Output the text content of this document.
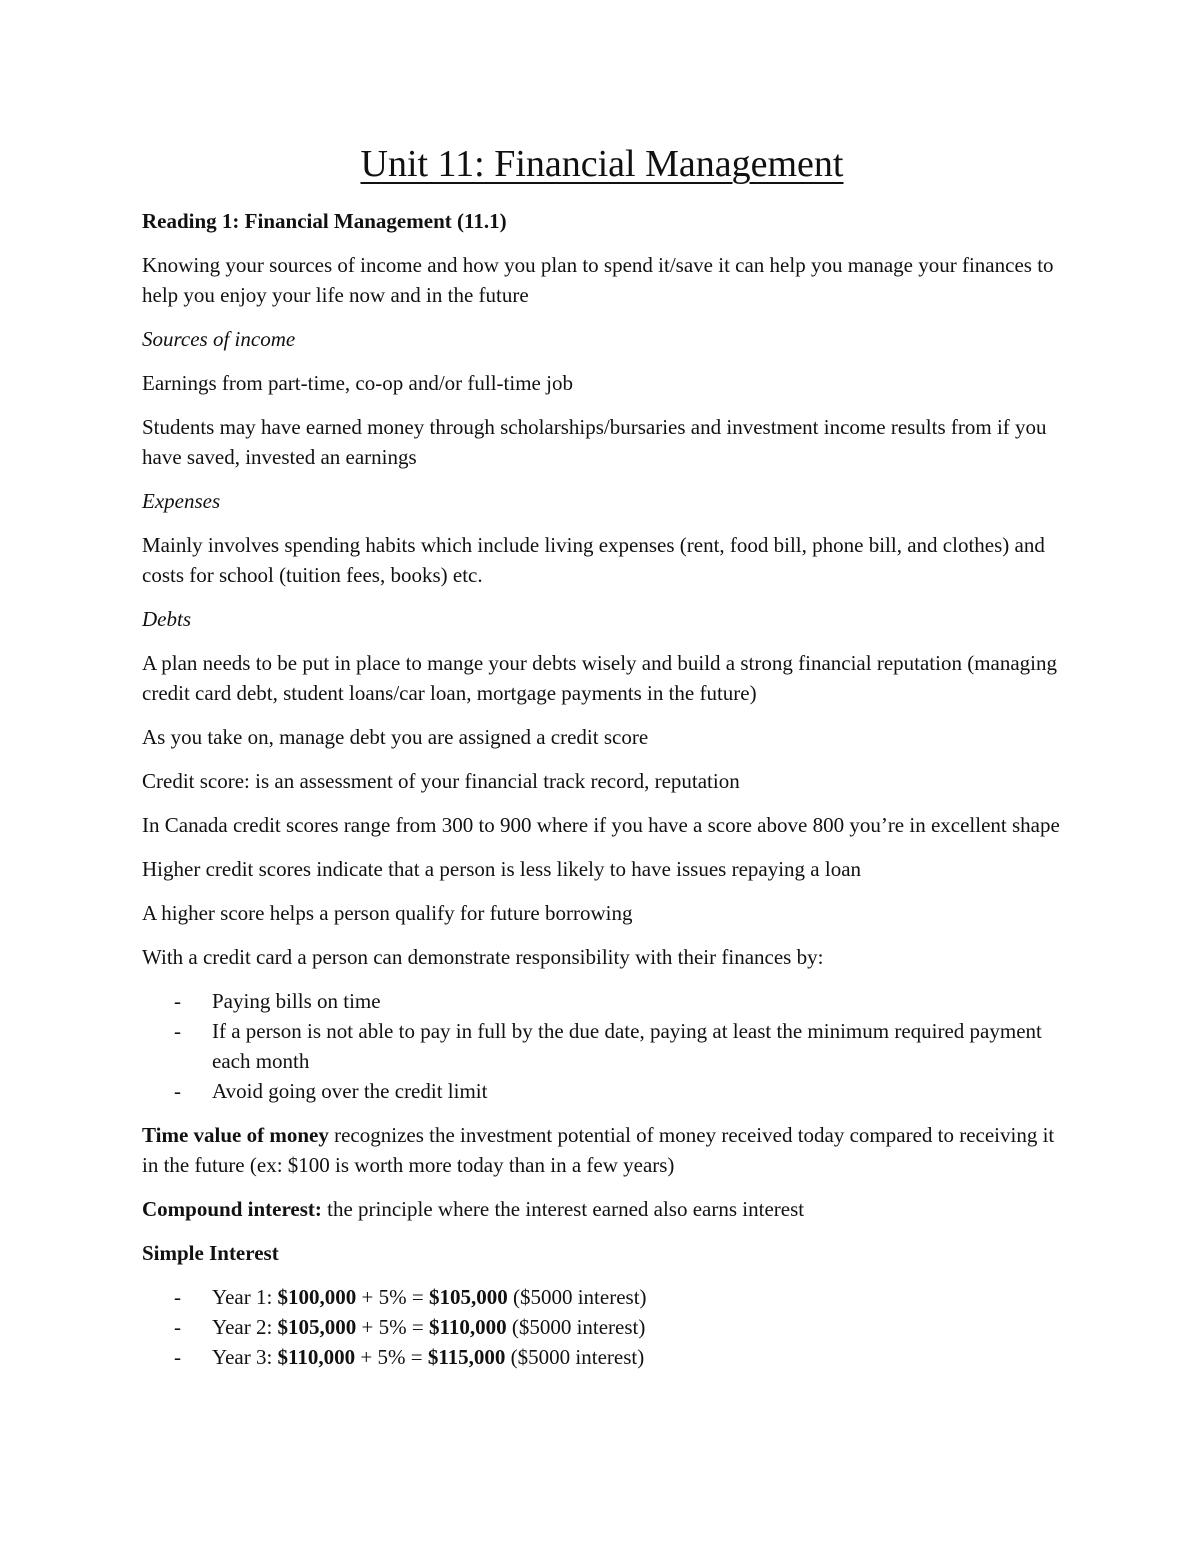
Unit 11: Financial Management

Reading 1: Financial Management (11.1)

Knowing your sources of income and how you plan to spend it/save it can help you manage your finances to help you enjoy your life now and in the future

Sources of income

Earnings from part-time, co-op and/or full-time job

Students may have earned money through scholarships/bursaries and investment income results from if you have saved, invested an earnings

Expenses

Mainly involves spending habits which include living expenses (rent, food bill, phone bill, and clothes) and costs for school (tuition fees, books) etc.

Debts

A plan needs to be put in place to mange your debts wisely and build a strong financial reputation (managing credit card debt, student loans/car loan, mortgage payments in the future)

As you take on, manage debt you are assigned a credit score

Credit score: is an assessment of your financial track record, reputation

In Canada credit scores range from 300 to 900 where if you have a score above 800 you’re in excellent shape

Higher credit scores indicate that a person is less likely to have issues repaying a loan

A higher score helps a person qualify for future borrowing

With a credit card a person can demonstrate responsibility with their finances by:

- Paying bills on time
- If a person is not able to pay in full by the due date, paying at least the minimum required payment each month
- Avoid going over the credit limit

Time value of money recognizes the investment potential of money received today compared to receiving it in the future (ex: $100 is worth more today than in a few years)

Compound interest: the principle where the interest earned also earns interest

Simple Interest

- Year 1: $100,000 + 5% = $105,000 ($5000 interest)
- Year 2: $105,000 + 5% = $110,000 ($5000 interest)
- Year 3: $110,000 + 5% = $115,000 ($5000 interest)
